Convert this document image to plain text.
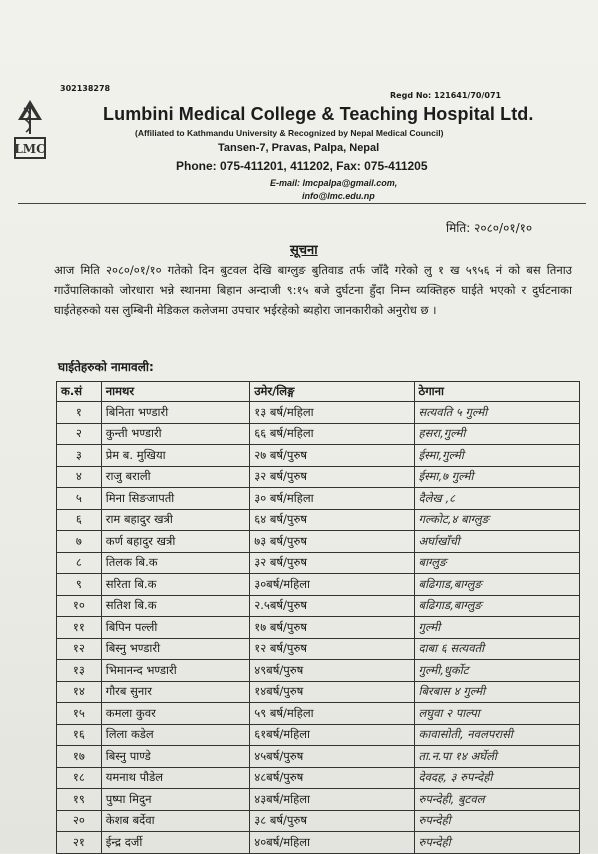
302138278
Regd No: 121641/70/071
LMC
Lumbini Medical College & Teaching Hospital Ltd.
(Affiliated to Kathmandu University & Recognized by Nepal Medical Council)
Tansen-7, Pravas, Palpa, Nepal
Phone: 075-411201, 411202, Fax: 075-411205
E-mail: lmcpalpa@gmail.com,
info@lmc.edu.np
मिति: २०८०/०१/१०
सूचना
आज मिति २०८०/०१/१० गतेको दिन बुटवल देखि बाग्लुङ बुतिवाड तर्फ जाँदै गरेको लु १ ख ५९५६ नं को बस तिनाउ गाउँपालिकाको जोरधारा भन्ने स्थानमा बिहान अन्दाजी ९:१५ बजे दुर्घटना हुँदा निम्न व्यक्तिहरु घाईते भएको र दुर्घटनाका घाईतेहरुको यस लुम्बिनी मेडिकल कलेजमा उपचार भईरहेको ब्यहोरा जानकारीको अनुरोध छ ।
घाईतेहरुको नामावली:
क.सं	नामथर	उमेर/लिङ्ग	ठेगाना
१	बिनिता भण्डारी	१३ बर्ष/महिला	सत्यवति ५ गुल्मी
२	कुन्ती भण्डारी	६६ बर्ष/महिला	हसरा,गुल्मी
३	प्रेम ब. मुखिया	२७ बर्ष/पुरुष	ईस्मा,गुल्मी
४	राजु बराली	३२ बर्ष/पुरुष	ईस्मा,७ गुल्मी
५	मिना सिङजापती	३० बर्ष/महिला	दैलेख ,८
६	राम बहादुर खत्री	६४ बर्ष/पुरुष	गल्कोट,४ बाग्लुङ
७	कर्ण बहादुर खत्री	७३ बर्ष/पुरुष	अर्घाखाँची
८	तिलक बि.क	३२ बर्ष/पुरुष	बाग्लुङ
९	सरिता बि.क	३०बर्ष/महिला	बढिगाड,बाग्लुङ
१०	सतिश बि.क	२.५बर्ष/पुरुष	बढिगाड,बाग्लुङ
११	बिपिन पल्ली	१७ बर्ष/पुरुष	गुल्मी
१२	बिस्नु भण्डारी	१२ बर्ष/पुरुष	दाबा ६ सत्यवती
१३	भिमानन्द भण्डारी	४९बर्ष/पुरुष	गुल्मी,धुर्कोट
१४	गौरब सुनार	१४बर्ष/पुरुष	बिरबास ४ गुल्मी
१५	कमला कुवर	५९ बर्ष/महिला	लघुवा २ पाल्पा
१६	लिला कडेल	६१बर्ष/महिला	कावासोती, नवलपरासी
१७	बिस्नु पाण्डे	४५बर्ष/पुरुष	ता.न.पा १४ अर्घेली
१८	यमनाथ पौडेल	४८बर्ष/पुरुष	देवदह, ३ रुपन्देही
१९	पुष्पा मिदुन	४३बर्ष/महिला	रुपन्देही, बुटवल
२०	केशब बर्देवा	३८ बर्ष/पुरुष	रुपन्देही
२१	ईन्द्र दर्जी	४०बर्ष/महिला	रुपन्देही
